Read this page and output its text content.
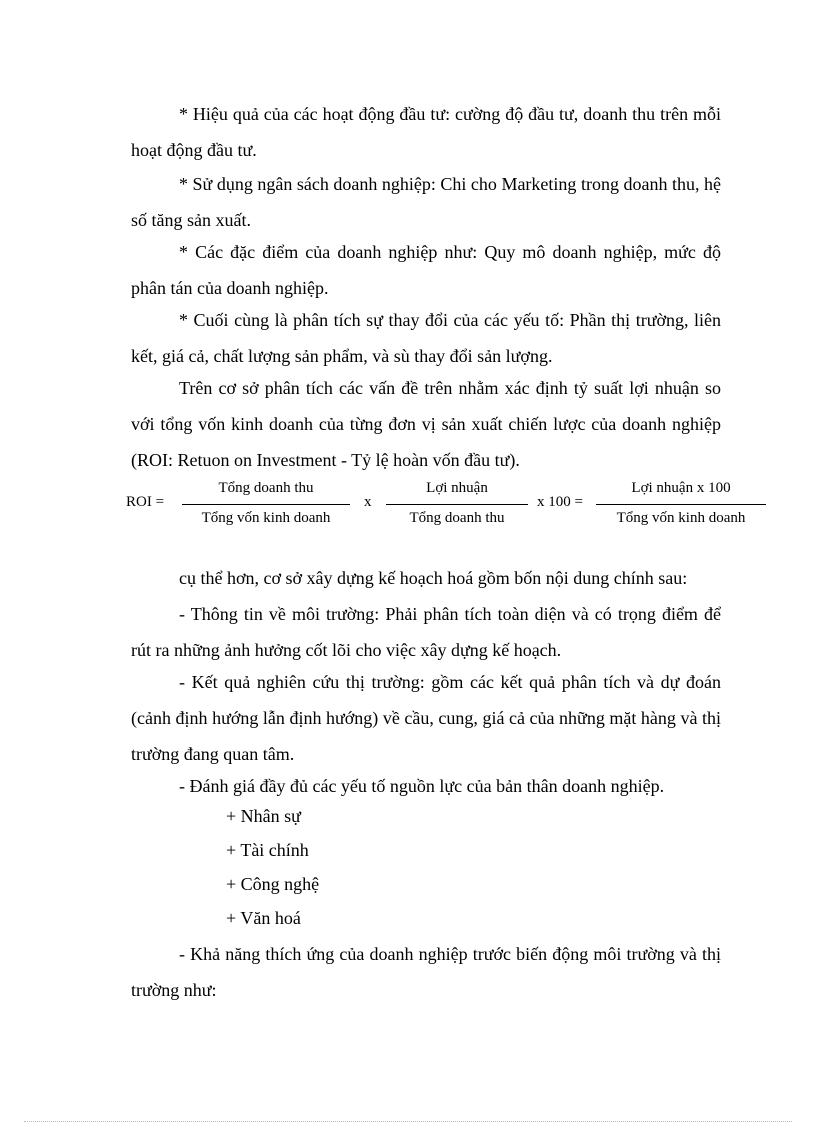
* Hiệu quả của các hoạt động đầu tư: cường độ đầu tư, doanh thu trên mỗi hoạt động đầu tư.

* Sử dụng ngân sách doanh nghiệp: Chi cho Marketing trong doanh thu, hệ số tăng sản xuất.

* Các đặc điểm của doanh nghiệp như: Quy mô doanh nghiệp, mức độ phân tán của doanh nghiệp.

* Cuối cùng là phân tích sự thay đổi của các yếu tố: Phần thị trường, liên kết, giá cả, chất lượng sản phẩm, và sù thay đổi sản lượng.

Trên cơ sở phân tích các vấn đề trên nhằm xác định tỷ suất lợi nhuận so với tổng vốn kinh doanh của từng đơn vị sản xuất chiến lược của doanh nghiệp (ROI: Retuon on Investment - Tỷ lệ hoàn vốn đầu tư).

ROI =
Tổng doanh thu
Tổng vốn kinh doanh
x
Lợi nhuận
Tổng doanh thu
x 100 =
Lợi nhuận x 100
Tổng vốn kinh doanh

cụ thể hơn, cơ sở xây dựng kế hoạch hoá gồm bốn nội dung chính sau:

- Thông tin về môi trường: Phải phân tích toàn diện và có trọng điểm để rút ra những ảnh hưởng cốt lõi cho việc xây dựng kế hoạch.

- Kết quả nghiên cứu thị trường: gồm các kết quả phân tích và dự đoán (cảnh định hướng lẫn định hướng) về cầu, cung, giá cả của những mặt hàng và thị trường đang quan tâm.

- Đánh giá đầy đủ các yếu tố nguồn lực của bản thân doanh nghiệp.

+ Nhân sự

+ Tài chính

+ Công nghệ

+ Văn hoá

- Khả năng thích ứng của doanh nghiệp trước biến động môi trường và thị trường như:
